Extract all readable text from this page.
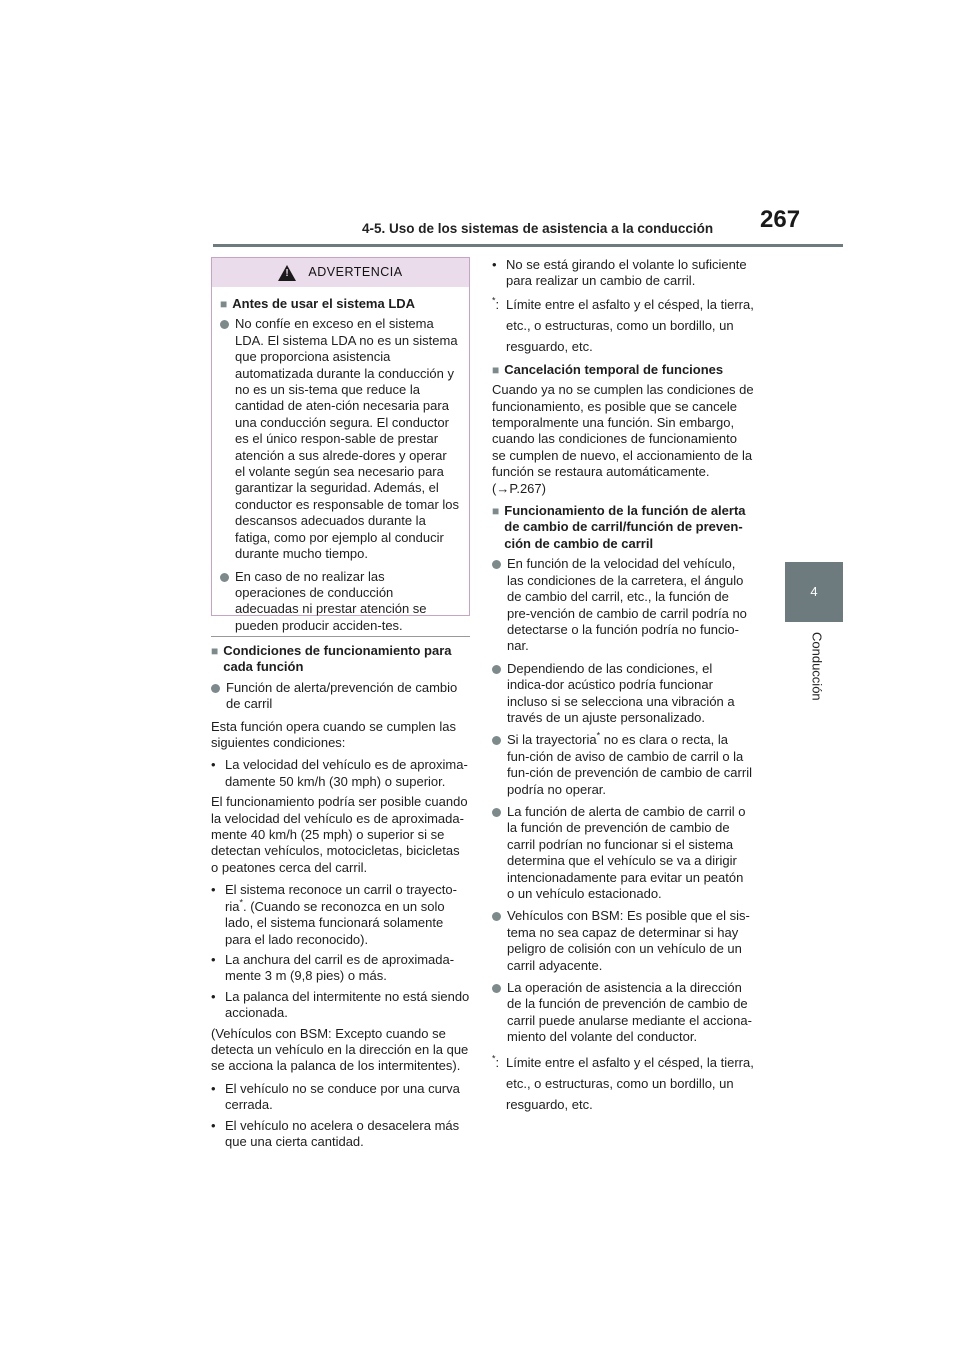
4-5. Uso de los sistemas de asistencia a la conducción 267
4
Conducción
! ADVERTENCIA
■ Antes de usar el sistema LDA
No confíe en exceso en el sistema LDA. El sistema LDA no es un sistema que proporciona asistencia automatizada durante la conducción y no es un sis-tema que reduce la cantidad de aten-ción necesaria para una conducción segura. El conductor es el único respon-sable de prestar atención a sus alrede-dores y operar el volante según sea necesario para garantizar la seguridad. Además, el conductor es responsable de tomar los descansos adecuados durante la fatiga, como por ejemplo al conducir durante mucho tiempo.
En caso de no realizar las operaciones de conducción adecuadas ni prestar atención se pueden producir acciden-tes.
■ Condiciones de funcionamiento para cada función
Función de alerta/prevención de cambio de carril
Esta función opera cuando se cumplen las siguientes condiciones:
• La velocidad del vehículo es de aproxima-damente 50 km/h (30 mph) o superior.
El funcionamiento podría ser posible cuando la velocidad del vehículo es de aproximada-mente 40 km/h (25 mph) o superior si se detectan vehículos, motocicletas, bicicletas o peatones cerca del carril.
• El sistema reconoce un carril o trayecto-ria*. (Cuando se reconozca en un solo lado, el sistema funcionará solamente para el lado reconocido).
• La anchura del carril es de aproximada-mente 3 m (9,8 pies) o más.
• La palanca del intermitente no está siendo accionada.
(Vehículos con BSM: Excepto cuando se detecta un vehículo en la dirección en la que se acciona la palanca de los intermitentes).
• El vehículo no se conduce por una curva cerrada.
• El vehículo no acelera o desacelera más que una cierta cantidad.
• No se está girando el volante lo suficiente para realizar un cambio de carril.
*: Límite entre el asfalto y el césped, la tierra, etc., o estructuras, como un bordillo, un resguardo, etc.
■ Cancelación temporal de funciones
Cuando ya no se cumplen las condiciones de funcionamiento, es posible que se cancele temporalmente una función. Sin embargo, cuando las condiciones de funcionamiento se cumplen de nuevo, el accionamiento de la función se restaura automáticamente.
(→P.267)
■ Funcionamiento de la función de alerta de cambio de carril/función de preven-ción de cambio de carril
En función de la velocidad del vehículo, las condiciones de la carretera, el ángulo de cambio del carril, etc., la función de pre-vención de cambio de carril podría no detectarse o la función podría no funcio-nar.
Dependiendo de las condiciones, el indica-dor acústico podría funcionar incluso si se selecciona una vibración a través de un ajuste personalizado.
Si la trayectoria* no es clara o recta, la fun-ción de aviso de cambio de carril o la fun-ción de prevención de cambio de carril podría no operar.
La función de alerta de cambio de carril o la función de prevención de cambio de carril podrían no funcionar si el sistema determina que el vehículo se va a dirigir intencionadamente para evitar un peatón o un vehículo estacionado.
Vehículos con BSM: Es posible que el sis-tema no sea capaz de determinar si hay peligro de colisión con un vehículo de un carril adyacente.
La operación de asistencia a la dirección de la función de prevención de cambio de carril puede anularse mediante el acciona-miento del volante del conductor.
*: Límite entre el asfalto y el césped, la tierra, etc., o estructuras, como un bordillo, un resguardo, etc.
